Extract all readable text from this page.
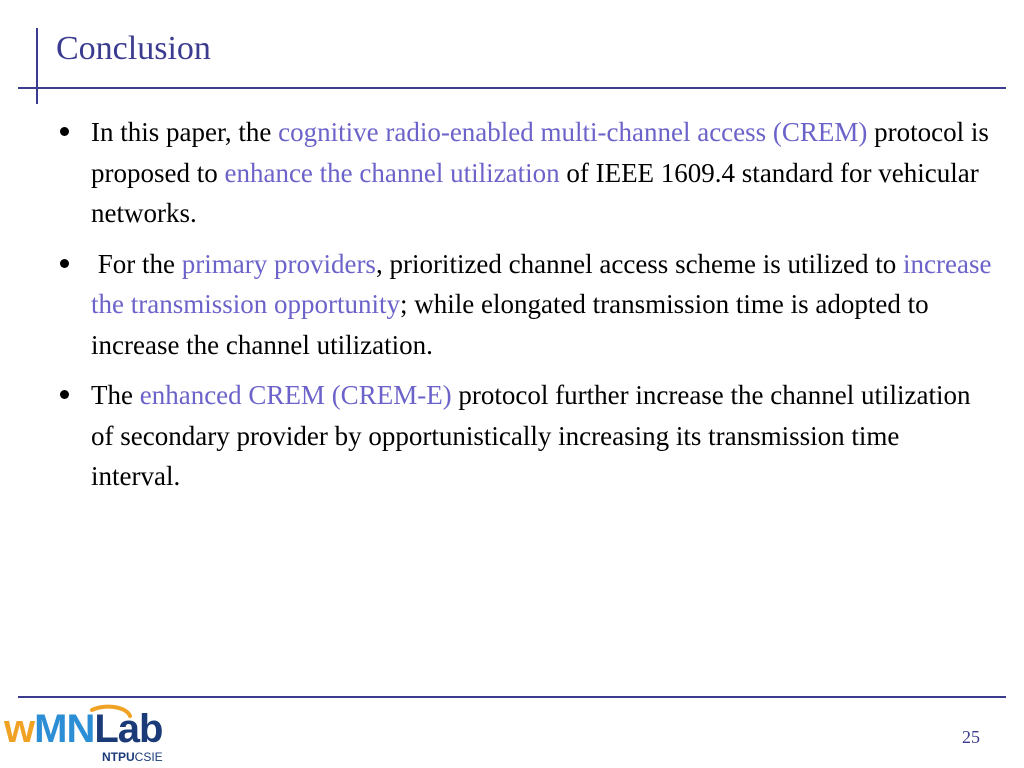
Conclusion
In this paper, the cognitive radio-enabled multi-channel access (CREM) protocol is proposed to enhance the channel utilization of IEEE 1609.4 standard for vehicular networks.
For the primary providers, prioritized channel access scheme is utilized to increase the transmission opportunity; while elongated transmission time is adopted to increase the channel utilization.
The enhanced CREM (CREM-E) protocol further increase the channel utilization of secondary provider by opportunistically increasing its transmission time interval.
wMNLab
NTPUCSIE
25
